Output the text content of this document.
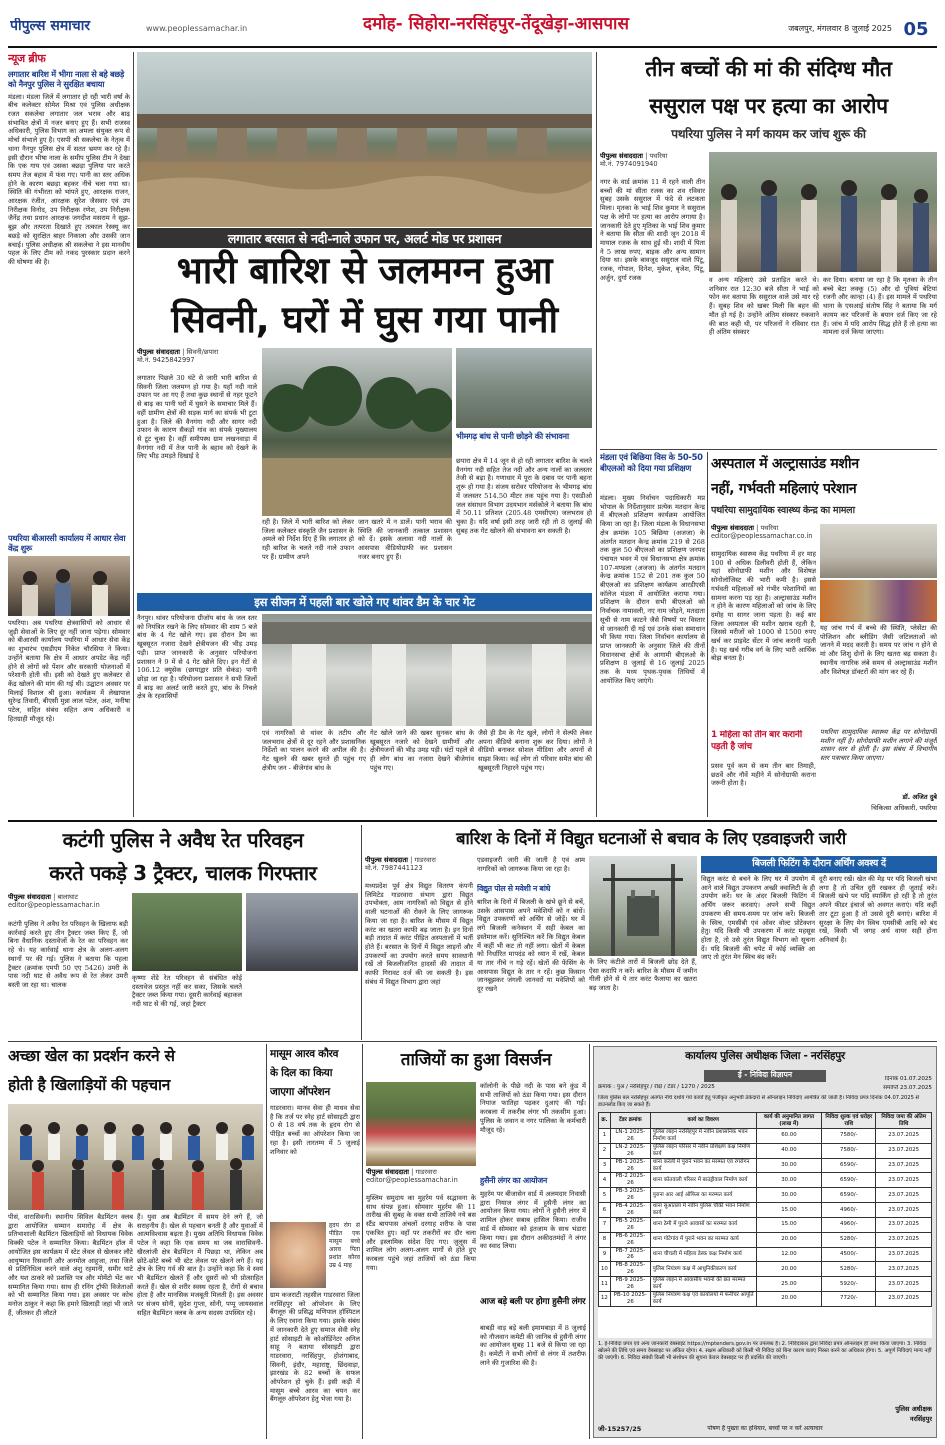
पीपुल्स समाचार	www.peoplessamachar.in	दमोह- सिहोरा-नरसिंहपुर-तेंदूखेड़ा-आसपास	जबलपुर, मंगलवार 8 जुलाई 2025 05
न्यूज ब्रीफ
लगातार बारिश में भीगा नाला से बहे बछड़े को नैनपुर पुलिस ने सुरक्षित बचाया
मंडला। मंडला जिले में लगातार हो रही भारी वर्षा के बीच कलेक्टर सोमेश मिश्रा एवं पुलिस अधीक्षक रजत सकलेचा लगातार जल भराव और बाढ़ संभावित क्षेत्रों में नजर बनाए हुए हैं। सभी राजस्व अधिकारी, पुलिस विभाग का अमला संयुक्त रूप से मोर्चा संभाले हुए है। एसपी श्री सकलेचा के नेतृत्व में थाना नैनपुर पुलिस क्षेत्र में सतत भ्रमण कर रहे है। इसी दौरान भीषा नाला के समीप पुलिस टीम ने देखा कि एक गाय एवं उसका बछड़ा पुलिया पार करते समय तेज बहाव में फंस गए। पानी का स्तर अधिक होने के कारण बछड़ा बहकर नीचे चला गया था। स्थिति की गंभीरता को भांपते हुए, आरक्षक राजन, आरक्षक रंजीत, आरक्षक सुरेश जैसवार एवं उप निरीक्षक विनोद, उप निरीक्षक रणेश, उप निरीक्षक जैनेंद्र तथा प्रधान आरक्षक जगदीश मसराम ने सूझ-बूझ और तत्परता दिखाते हुए तत्काल रेस्क्यू कर बछड़े को सुरक्षित बाहर निकाला और उसकी जान बचाई। पुलिस अधीक्षक श्री सकलेचा ने इस मानवीय पहल के लिए टीम को नकद पुरस्कार प्रदान करने की घोषणा की है।
पथरिया बीआरसी कार्यालय में आधार सेवा केंद्र शुरू
पथरिया। अब पथरिया क्षेत्रवासियों को आधार से जुड़ी सेवाओं के लिए दूर नहीं जाना पड़ेगा। सोमवार को बीआरसी कार्यालय पथरिया में आधार सेवा केंद्र का शुभारंभ एसडीएम निकेत चौरसिया ने किया। उन्होंने बताया कि क्षेत्र में आधार अपडेट केंद्र नहीं होने से लोगों को पेंशन और सरकारी योजनाओं में परेशानी होती थी। इसी को देखते हुए कलेक्टर से केंद्र खोलने की मांग की गई थी। उद्घाटन अवसर पर मिलाई विशाल श्री हुआ। कार्यक्रम में लेखापाल सुरेन्द्र तिवारी, बीएसी मुन्ना लाल पटेल, अंश, मनीषा पटेल, सहित संबंध सहित अन्य अधिकारी व हितग्राही मौजूद रहे।
लगातार बरसात से नदी-नाले उफान पर, अलर्ट मोड पर प्रशासन
भारी बारिश से जलमग्न हुआ
सिवनी, घरों में घुस गया पानी
पीपुल्स संवाददाता | सिवनी/छपारा
मो.नं. 9425842997
लगातार पिछले 30 घंटे से जारी भारी बारिश से सिवनी जिला जलमग्न हो गया है। यहाँ नदी नाले उफान पर आ गए हैं तथा कुछ स्थानों से नहर फूटने से बाढ़ का पानी घरों में घुसने के समाचार मिले हैं। वहीं ग्रामीण क्षेत्रों की सड़क मार्ग का संपर्क भी टूटा हुआ है। जिले की वैनगंगा नदी और सागर नदी उफान के कारण सैकड़ों गांव का संपर्क मुख्यालय से टूट चुका है। वहीं समीपस्थ ग्राम लखनवाड़ा में वैनगंगा नदी में तेज पानी के बहाव को देखने के लिए भीड़ उमड़ते दिखाई दे
भीमगढ़ बांध से पानी छोड़ने की संभावना
छपारा क्षेत्र में 14 जून से हो रही लगातार बारिश के चलते वैनगंगा नदी सहित तेज नदी और अन्य नालों का जलस्तर तेजी से बढ़ा है। गणाधार में पूरा के दबाव पर पानी बहना शुरू हो गया है। संजय सरोवर परियोजना के भीमगढ़ बांध में जलस्तर 514.50 मीटर तक पहुंच गया है। एसडीओ जल संसाधन विभाग उदयभान मर्सकोले ने बताया कि बांध में 50.11 प्रतिशत (205.48 एमसीएम) जलभराव हो चुका है। यदि वर्षा इसी तरह जारी रही तो 8 जुलाई की सुबह तक गेट खोलने की संभावना बन सकती है।
रही है। जिले में भारी बारिश को लेकर जिला कलेक्टर संस्कृति जैन प्रशासन के अमले को निर्देश दिए हैं कि लगातार हो रही बारिश के चलते नदी नाले उफान पर हैं। ग्रामीण अपने
जान खतरे में न डालें। पानी भराव की स्थिति की जानकारी तत्काल प्रशासन को दें। इसके अलावा नदी नालों के आसपास वीडियोग्राफी कर प्रशासन नजर बनाए हुए हैं।
इस सीजन में पहली बार खोले गए थांवर डैम के चार गेट
नैनपुर। थांवर परियोजना ग्रीजॉय बांध के जल स्तर को नियंत्रित रखने के लिए सोमवार की शाम 5 बजे बांध के 4 गेट खोले गए। इस दौरान डैम का खूबसूरत नजारा देखने क्षेत्रीयजन की भीड़ उमड़ पड़ी। प्राप्त जानकारी के अनुसार परियोजना प्रशासन ने 9 में से 4 गेट खोले दिए। इन गेटों से 106.12 क्यूसेक (छायाद्वार प्रति सेकंड) पानी छोड़ा जा रहा है। परियोजना प्रशासन ने सभी जिलों में बाढ़ का अलर्ट जारी करते हुए, बांध के निचले क्षेत्र के रहवासियों
एवं नागरिकों से थांवर के तटीय और जलभराव क्षेत्रों से दूर रहने और प्रशासनिक निर्देशों का पालन करने की अपील की है। गेट खुलने की खबर सुनते ही पहुंच गए क्षेत्रीय जन - बीजेगांव बांध के
गेट खोले जाने की खबर सुनकर बांध के खूबसूरत नजारे को देखने ग्रामीणों और क्षेत्रीयजनों की भीड़ उमड़ पड़ी। घंटों पहले से ही लोग बांध का नजारा देखने बीजेगांव पहुंच गए।
जैसे ही डैम के गेट खुले, लोगों ने सेल्फी लेकर अपना वीडियो बनाना शुरू कर दिया। लोगों ने वीडियो बनाकर सोशल मीडिया और अपनों से साझा किया। कई लोग तो परिवार समेत बांध की खूबसूरती निहारने पहुंच गए।
तीन बच्चों की मां की संदिग्ध मौत
ससुराल पक्ष पर हत्या का आरोप
पथरिया पुलिस ने मर्ग कायम कर जांच शुरू की
पीपुल्स संवाददाता | पथरिया
मो.नं. 7974091940
नगर के वार्ड क्रमांक 11 में रहने वाली तीन बच्चों की मां सीता रजक का शव रविवार सुबह उसके ससुराल में फंदे से लटकता मिला। मृतका के भाई शिव कुमार ने ससुराल पक्ष के लोगों पर हत्या का आरोप लगाया है। जानकारी देते हुए मृतिका के भाई शिव कुमार ने बताया कि सीता की शादी जून 2018 में मायाल रजक के साथ हुई थी। शादी में पिता ने 5 लाख रुपए, बाइक और अन्य सामान दिया था। इसके बावजूद ससुराल वाले पिंटू, रजक, गोपाल, दिनेश, मुकेश, बृजेश, पिंटू, अर्जुन, दुर्गा रजक	व अन्य महिलाएं उसे प्रताड़ित करते थे। शनिवार रात 12:30 बजे सीता ने भाई को फोन कर बताया कि ससुराल वाले उसे मार रहे हैं। सुबह शिव को खबर मिली कि बहन की मौत हो गई है। उन्होंने अंतिम संस्कार रुकवाने की बात कही थी, पर परिजनों ने रविवार रात ही अंतिम संस्कार
कर दिया। बताया जा रहा है कि मृतका के तीन बच्चे बेटा लक्कू (5) और दो पुत्रियां बेटियां रजनी और कान्हा (4) हैं। इस मामले में पथरिया थाना के एसआई संतोष सिंह ने बताया कि मर्ग कायम कर परिजनों के बयान दर्ज किए जा रहे हैं। जांच में यदि आरोप सिद्ध होते हैं तो हत्या का मामला दर्ज किया जाएगा।
मंडला एवं बिछिया विस के 50-50 बीएलओ को दिया गया प्रशिक्षण
मंडला। मुख्य निर्वाचन पदाधिकारी मप्र भोपाल के निर्देशानुसार प्रत्येक मतदान केन्द्र में बीएलओ प्रशिक्षण कार्यक्रम आयोजित किया जा रहा है। जिला मंडला के विधानसभा क्षेत्र क्रमांक 105 बिछिया (अजजा) के अंतर्गत मतदान केन्द्र क्रमांक 219 से 268 तक कुल 50 बीएलओ का प्रशिक्षण जनपद पंचायत भवन में एवं विधानसभा क्षेत्र क्रमांक 107-मण्डला (अजजा) के अंतर्गत मतदान केन्द्र क्रमांक 152 से 201 तक कुल 50 बीएलओ का प्रशिक्षण कार्यक्रम आरडीएसी कॉलेज मंडला में आयोजित कराया गया। प्रशिक्षण के दौरान सभी बीएलओ को निर्वाचक नामावली, नए नाम जोड़ने, मतदाता सूची से नाम काटने जैसे विषयों पर विस्तार से जानकारी दी गई एवं उनके संका समाधान भी किया गया। जिला निर्वाचन कार्यालय से प्राप्त जानकारी के अनुसार जिले की तीनों विधानसभा क्षेत्रों के आगामी बीएलओ के प्रशिक्षण 8 जुलाई से 16 जुलाई 2025 तक के मध्य पृथक-पृथक तिथियों में आयोजित किए जाएंगे।
अस्पताल में अल्ट्रासाउंड मशीन
नहीं, गर्भवती महिलाएं परेशान
पथरिया सामुदायिक स्वास्थ्य केन्द्र का मामला
पीपुल्स संवाददाता | पथरिया
editor@peoplessamachar.co.in
सामुदायिक स्वास्थ्य केंद्र पथरिया में हर माह 100 से अधिक डिलीवरी होती हैं, लेकिन यहां सोनोग्राफी मशीन और विशेषज्ञ सोनोलॉजिस्ट की भारी कमी है। इससे गर्भवती महिलाओं को गंभीर परेशानियों का सामना करना पड़ रहा है। अल्ट्रासाउंड मशीन न होने के कारण महिलाओं को जांच के लिए दमोह या सागर जाना पड़ता है। कई बार जिला अस्पताल की मशीन खराब रहती है, जिससे मरीजों को 1000 से 1500 रुपए खर्च कर प्राइवेट सेंटर में जांच करानी पड़ती है। यह खर्च गरीब वर्ग के लिए भारी आर्थिक बोझ बनता है।
यह जांच गर्भ में बच्चे की स्थिति, प्लेसेंटा की पोजिशन और ब्लीडिंग जैसी जटिलताओं को जानने में मदद करती है। समय पर जांच न होने से मां और शिशु दोनों के लिए खतरा बढ़ सकता है। स्थानीय नागरिक लंबे समय से अल्ट्रासाउंड मशीन और विशेषज्ञ डॉक्टरों की मांग कर रहे हैं।
1 महिला को तीन बार करानी पड़ती है जांच
प्रसव पूर्व कम से कम तीन बार तिमाही, छठवें और नौवें महीने में सोनोग्राफी कराना जरूरी होता है।
पथरिया सामुदायिक स्वास्थ्य केंद्र पर सोनोग्राफी मशीन नहीं है। सोनोग्राफी मशीन लगाने की मंजूरी शासन स्तर से होती है। इस संबंध में विभागीय स्तर पत्राचार किया जाएगा।
डॉ. अजित दुबे
चिकित्सा अधिकारी, पथरिया
कटंगी पुलिस ने अवैध रेत परिवहन
करते पकड़े 3 ट्रैक्टर, चालक गिरफ्तार
पीपुल्स संवाददाता | बालाघाट
editor@peoplessamachar.in
कटंगी पुलिस ने अवैध रेत परिवहन के खिलाफ बड़ी कार्रवाई करते हुए तीन ट्रैक्टर जब्त किए हैं, जो बिना वैधानिक दस्तावेजों के रेत का परिवहन कर रहे थे। यह कार्रवाई थाना क्षेत्र के अलग-अलग स्थानों पर की गई। पुलिस ने बताया कि पहला ट्रैक्टर (क्रमांक एमपी 50 एए 5426) उमरी के पास नदी घाट से अवैध रूप से रेत लेकर उमरी बस्ती जा रहा था। चालक
कृष्णा शेंडे रेत परिवहन से संबंधित कोई दस्तावेज प्रस्तुत नहीं कर सका, जिसके चलते ट्रैक्टर जब्त किया गया। दूसरी कार्रवाई बहाकल नदी घाट से की गई, जहां ट्रैक्टर
बारिश के दिनों में विद्युत घटनाओं से बचाव के लिए एडवाइजरी जारी
पीपुल्स संवाददाता | गाडरवारा
मो.नं. 7987441123
मध्यप्रदेश पूर्व क्षेत्र विद्युत वितरण कंपनी लिमिटेड गाडरवारा संभाग द्वारा विद्युत उपभोक्ता, आम नागरिकों को विद्युत से होने वाली घटनाओं की रोकने के लिए जागरूक किया जा रहा है। बारिश के मौसम में विद्युत करंट का खतरा काफी बढ़ जाता है। इन दिनों बड़ी तादात में करंट पीड़ित अस्पतालों में भर्ती होते हैं। बरसात के दिनों में विद्युत लाइनों और उपकरणों का उपयोग करते समय सावधानी रखें तो बिजलीजनित हादसों की तादात में काफी गिरावट दर्ज की जा सकती है। इस संबंध में विद्युत विभाग द्वारा जहां
एडवाइजरी जारी की जाती है एवं आम नागरिकों को जागरूक किया जा रहा है।
विद्युत पोल से मवेशी न बांधे
बारिश के दिनों में बिजली के खंभे छूने से बचें, उसके आसपास अपने मवेशियों को न बांधें। विद्युत उपकरणों को अर्थिंग से जोड़ें। घर में लगे बिजली कनेक्शन में सही केबल का इस्तेमाल करें। सुनिश्चित करें कि विद्युत केबल में कहीं भी कट तो नहीं लगा। खेतों में केबल को निर्धारित मापदंड को ध्यान में रखें, केबल या तार नीचे न गड़े रहें। खेतों की फेंसिंग के आसपास विद्युत के तार न रहें। कुछ किसान जानबूझकर जंगली जानवरों या मवेशियों को दूर रखने
के लिए कंटीले तारों में बिजली छोड़ देते हैं, ऐसा कदापि न करें। बारिश के मौसम में जमीन गीली होने से ये तार करंट फैलाया का खतरा बढ़ जाता है।
बिजली फिटिंग के दौरान अर्थिंग अवश्य दें
विद्युत करंट से बचने के लिए घर में उपयोग में आने वाले विद्युत उपकरण अच्छी क्वालिटी के ही उपयोग करें। घर के अंदर बिजली फिटिंग में अर्थिंग जरूर करवाएं। अपने सभी विद्युत उपकरण की समय-समय पर जांच करें। बिजली के स्विच, एमसीबी एवं ओवर वोल्ट प्रोटेक्शन हेतु। यदि किसी भी उपकरण में करंट महसूस होता है, तो उसे तुरंत विद्युत विभाग को सूचना दें। यदि बिजली की चपेट में कोई व्यक्ति आ जाए तो तुरंत मेन स्विच बंद करें।
दूरी बनाए रखें। खेत की मेड़ पर यदि बिजली खंभा लगा है तो उचित दूरी रखकर ही जुताई करें। बिजली खंभे पर यदि स्पार्किंग हो रही है तो तुरंत अपने फीडर इंचार्ज को अवगत कराएं। यदि कहीं तार टूटा हुआ है तो उससे दूरी बनाएं। बारिश में सुरक्षा के लिए मेन स्विच एमसीबी आदि को बंद रखें, किसी भी जगह अर्थ वायर सही होना अनिवार्य है।
अच्छा खेल का प्रदर्शन करने से
होती है खिलाड़ियों की पहचान
पीसं, वारासिवनी। स्थानीय सिविल बैडमिंटन क्लब द्वारा आयोजित सम्मान समारोह में क्षेत्र के प्रतिभाशाली बैडमिंटन खिलाड़ियों को विधायक विवेक विक्की पटेल ने सम्मानित किया। बैडमिंटन हॉल में आयोजित इस कार्यक्रम में स्टेट लेवल से खेलकर लौटे आयुष्मान रिसवानी और अनमोल आहूजा, तथा जिले से प्रतिनिधित्व करने वाले अंशु रहमानी, समीर घाटे और यश ठाकरे को प्रशस्ति पत्र और मोमेंटो भेंट कर सम्मानित किया गया। साथ ही रनिंग ट्रॉफी विजेताओं को भी सम्मानित किया गया। इस अवसर पर कोच मनोज ठाकुर ने कहा कि हमारे खिलाड़ी जहां भी जाते हैं, जीतकर ही लौटते
हैं। युवा अब बैडमिंटन में समय देने लगे हैं, जो सराहनीय है। खेल से पहचान बनती है और युवाओं में आत्मविश्वास बढ़ता है। मुख्य अतिथि विधायक विवेक पटेल ने कहा कि एक समय था जब वारासिवनी-खैरलांजी क्षेत्र बैडमिंटन में पिछड़ा था, लेकिन अब छोटे-छोटे बच्चे भी स्टेट लेवल पर खेलने लगे हैं। यह क्षेत्र के लिए गर्व की बात है। उन्होंने कहा कि वे स्वयं भी बैडमिंटन खेलते हैं और दूसरों को भी प्रोत्साहित करते हैं। खेल से शरीर स्वस्थ रहता है, रोगों से बचाव होता है और मानसिक मजबूती मिलती है। इस अवसर पर संजय सोनी, सुदेश गुप्ता, सोनी, पप्पू जायसवाल सहित बैडमिंटन क्लब के अन्य सदस्य उपस्थित रहे।
मासूम आरव कौरव
के दिल का किया
जाएगा ऑपरेशन
गाडरवारा। मानव सेवा ही माधव सेवा है कि तर्ज पर स्नेह हार्ट सोसाइटी द्वारा 0 से 18 वर्ष तक के हृदय रोग से पीड़ित बच्चों का ऑपरेशन किया जा रहा है। इसी तारतम्य में 5 जुलाई शनिवार को
हृदय रोग से पीड़ित एक मासूम बच्चे आरव पिता प्रशांत कौरव उम्र 4 माह
ग्राम कजराटी तहसील गाडरवारा जिला नरसिंहपुर को ऑपरेशन के लिए बैंगलूरु की प्रसिद्ध मणिपाल हॉस्पिटल के लिए रवाना किया गया। इसके संबंध में जानकारी देते हुए समाज सेवी स्नेह हार्ट सोसाइटी के कोऑर्डिनेटर अनिल साहू ने बताया सोसाइटी द्वारा गाडरवारा, नरसिंहपुर, होशंगाबाद, सिवनी, इंदौर, महाराष्ट्र, छिंदवाड़ा, झारखंड के 82 बच्चों के सफल ऑपरेशन हो चुके हैं। इसी कड़ी में मासूम बच्चे आरव का चयन कर बैंगलूरु ऑपरेशन हेतु भेजा गया है।
ताजियों का हुआ विसर्जन
पीपुल्स संवाददाता | गाडरवारा
editor@peoplessamachar.in
मुस्लिम समुदाय का मुहर्रम पर्व सद्भावना के साथ संपन्न हुआ। सोमवार मुहर्रम की 11 तारीख की सुबह के वक्त सभी ताजिये नये बस स्टैंड बायपास अंचलों दरगाह शरीफ के पास एकत्रित हुए। वहाँ पर तकरीरों का दौर चला और इस्लामिक संदेश दिए गए। जुलूस में शामिल लोग अलग-अलग मार्गों से होते हुए करबला पहुंचे जहां ताजियों को ठंडा किया गया।
कॉलोनी के पीछे नदी के पास बने कुंड में सभी ताजियों को ठंडा किया गया। इस दौरान नियाज फातिहा पढ़कर दुआएं की गईं। करबला में तकरीब लंगर भी तकसीम हुआ। पुलिस के जवान व नगर पालिका के कर्मचारी मौजूद रहे।
हुसैनी लंगर का आयोजन
मुहर्रम पर बीजासेन वार्ड में अलमदार निवासी द्वारा नियाज लंगर में हुसैनी लंगर का आयोजन किया गया। लोगों ने हुसैनी लंगर में शामिल होकर सबाब हासिल किया। राजीव वार्ड में सोमवार को इंतजाम के साथ भंडारा किया गया। इस दौरान अकीदतमंदों ने लंगर का स्वाद लिया।
आज बड़े बली पर होगा हुसैनी लंगर
बाबड़ी वाड़ बड़े बली इमामबाड़ा में 8 जुलाई को नौजवान कमेटी की जानिब से हुसैनी लंगर का आयोजन सुबह 11 बजे से किया जा रहा है। कमेटी ने सभी लोगों से लंगर में तशरीफ लाने की गुजारिश की है।
कार्यालय पुलिस अधीक्षक जिला - नरसिंहपुर
ई - निविदा विज्ञापन
क्रमांक : पुअ / नरसिंहपुर / रक्षि / टेंडर / 1270 / 2025
दिनांक 01.07.2025
समाप्ति 23.07.2025
जिला पुलिस बल नरसिंहपुर अंतर्गत नीचे दर्शाये गये कार्यों हेतु पंजीकृत अनुभवी ठेकेदारों से ऑनलाइन निविदाएं आमंत्रित की जाती हैं। निविदा प्रपत्र दिनांक 04.07.2025 से डाउनलोड किए जा सकते हैं।
क्र.	टेंडर क्रमांक	कार्य का विवरण	कार्य की अनुमानित लागत (लाख में)	निविदा शुल्क एवं धरोहर राशि	निविदा जमा की अंतिम तिथि
1	LN-1 2025-26	पुलिस लाइन नरसिंहपुर में नवीन प्रशासनिक भवन निर्माण कार्य	60.00	7580/-	23.07.2025
2	LN-2 2025-26	पुलिस लाइन परिसर में नवीन प्रशिक्षण कक्ष निर्माण कार्य	40.00	7580/-	23.07.2025
3	PB-1 2025-26	थाना करेली में पुराने भवन का मरम्मत एवं रंगरोगन कार्य	30.00	6590/-	23.07.2025
4	PB-2 2025-26	थाना कोतवाली परिसर में बाउंड्रीवाल निर्माण कार्य	30.00	6590/-	23.07.2025
5	PB-3 2025-26	पुराना आर आई ऑफिस का मरम्मत कार्य	30.00	6590/-	23.07.2025
6	PB-4 2025-26	थाना सुआतला में नवीन पुलिस चौकी भवन निर्माण कार्य	15.00	4960/-	23.07.2025
7	PB-5 2025-26	थाना ठेमी में पुराने आवासों का मरम्मत कार्य	15.00	4960/-	23.07.2025
8	PB-6 2025-26	थाना गोटेगांव में पुराने भवन का मरम्मत कार्य	20.00	5280/-	23.07.2025
9	PB-7 2025-26	थाना चीचली में महिला डेस्क कक्ष निर्माण कार्य	12.00	4500/-	23.07.2025
10	PB-8 2025-26	पुलिस नियंत्रण कक्ष में आधुनिकीकरण कार्य	20.00	5280/-	23.07.2025
11	PB-9 2025-26	पुलिस लाइन में आवासीय भवनों की छत मरम्मत कार्य	25.00	5920/-	23.07.2025
12	PB-10 2025-26	पुलिस नियंत्रण कक्ष एवं कार्यालयों में फर्नीचर आपूर्ति कार्य	20.00	7720/-	23.07.2025
1. ई-निविदा प्रपत्र एवं अन्य जानकारी वेबसाइट https://mptenders.gov.in पर उपलब्ध है। 2. निविदाकार द्वारा निविदा प्रपत्र ऑनलाइन ही जमा किया जाएगा। 3. निविदा खोलने की तिथि एवं समय वेबसाइट पर अंकित रहेगा। 4. सक्षम अधिकारी को किसी भी निविदा को बिना कारण बताए निरस्त करने का अधिकार होगा। 5. अपूर्ण निविदाएं मान्य नहीं की जाएंगी। 6. निविदा संबंधी किसी भी संशोधन की सूचना केवल वेबसाइट पर ही प्रदर्शित की जाएगी।
पुलिस अधीक्षक
नरसिंहपुर
जी-15257/25	पोषण है पुख्ता का हथियार, बच्चों पर न करें अत्याचार
